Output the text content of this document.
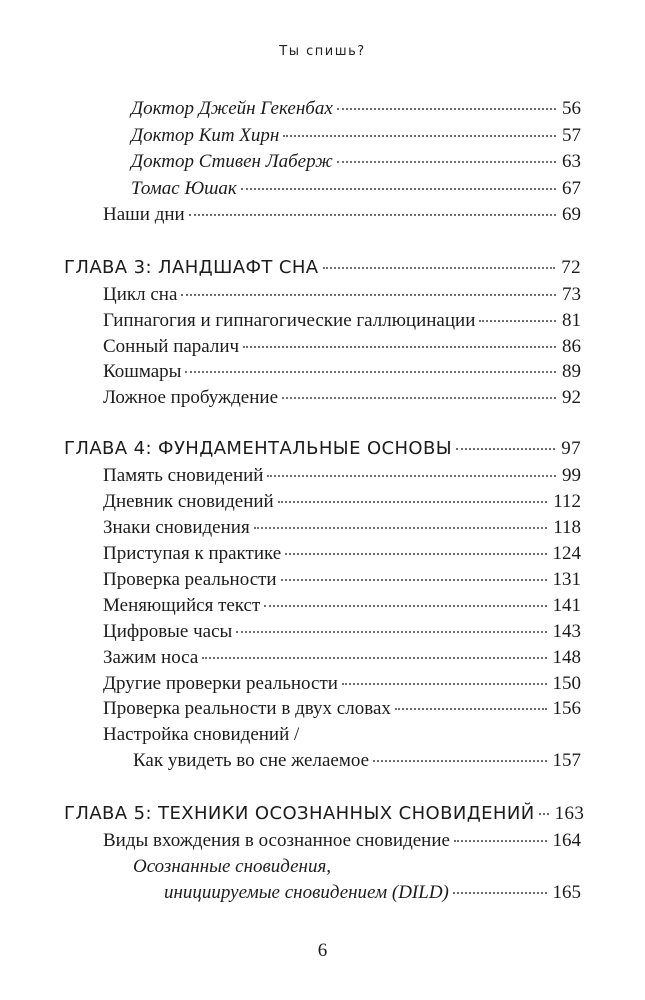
Ты спишь?
Доктор Джейн Гекенбах	56
Доктор Кит Хирн	57
Доктор Стивен Лаберж	63
Томас Юшак	67
Наши дни	69
ГЛАВА 3: ЛАНДШАФТ СНА	72
Цикл сна	73
Гипнагогия и гипнагогические галлюцинации	81
Сонный паралич	86
Кошмары	89
Ложное пробуждение	92
ГЛАВА 4: ФУНДАМЕНТАЛЬНЫЕ ОСНОВЫ	97
Память сновидений	99
Дневник сновидений	112
Знаки сновидения	118
Приступая к практике	124
Проверка реальности	131
Меняющийся текст	141
Цифровые часы	143
Зажим носа	148
Другие проверки реальности	150
Проверка реальности в двух словах	156
Настройка сновидений /
Как увидеть во сне желаемое	157
ГЛАВА 5: ТЕХНИКИ ОСОЗНАННЫХ СНОВИДЕНИЙ 163
Виды вхождения в осознанное сновидение	164
Осознанные сновидения,
инициируемые сновидением (DILD)	165
6
